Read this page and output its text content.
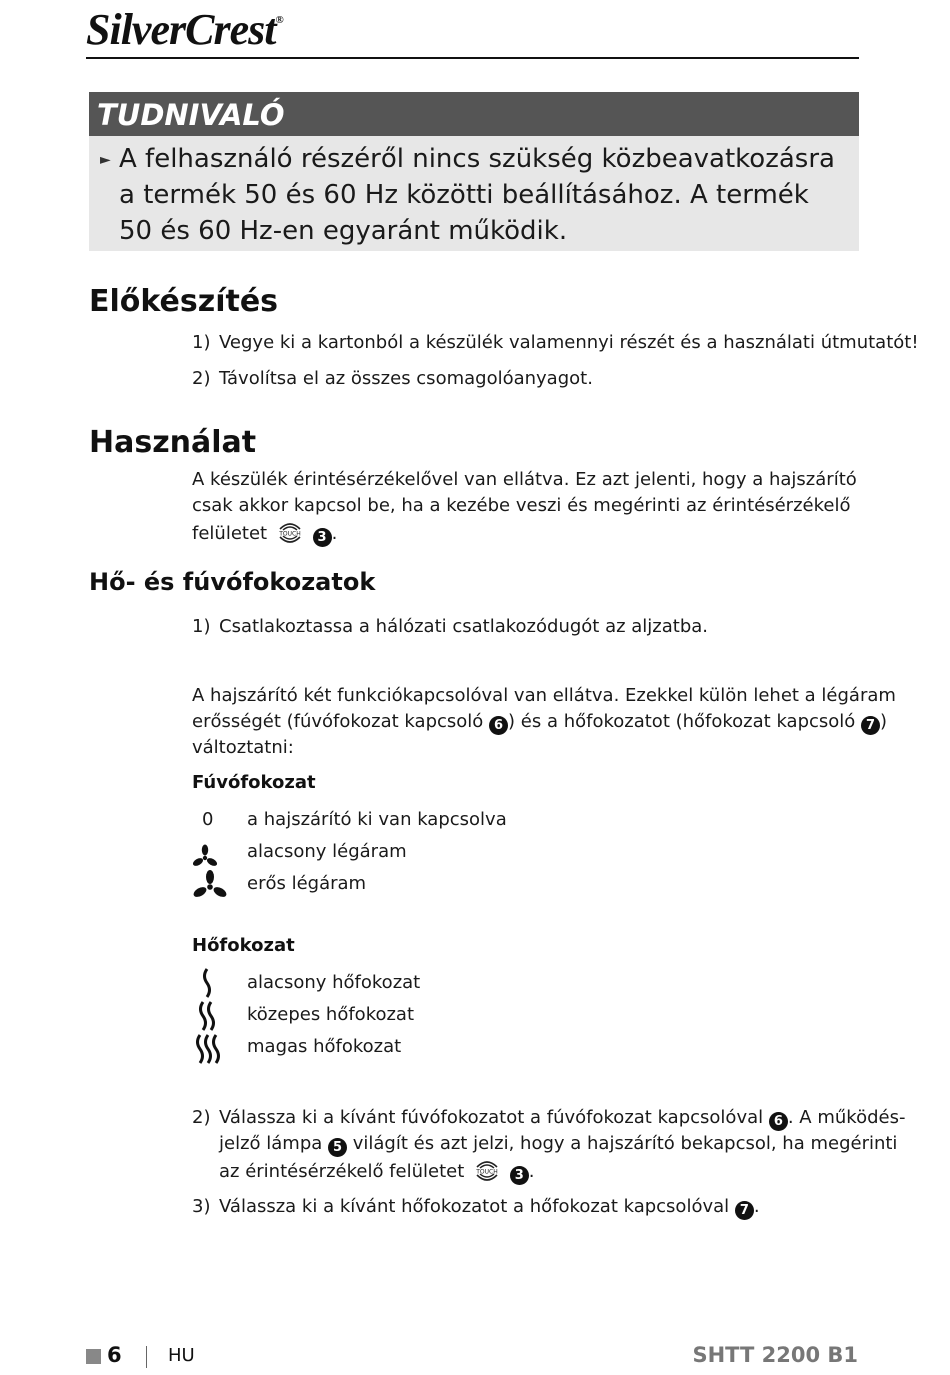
SilverCrest®
TUDNIVALÓ
► A felhasználó részéről nincs szükség közbeavatkozásra a termék 50 és 60 Hz közötti beállításához. A termék 50 és 60 Hz-en egyaránt működik.
Előkészítés
1) Vegye ki a kartonból a készülék valamennyi részét és a használati útmutatót!
2) Távolítsa el az összes csomagolóanyagot.
Használat
A készülék érintésérzékelővel van ellátva. Ez azt jelenti, hogy a hajszárító
csak akkor kapcsol be, ha a kezébe veszi és megérinti az érintésérzékelő
felületet TOUCH 3 .
Hő- és fúvófokozatok
1) Csatlakoztassa a hálózati csatlakozódugót az aljzatba.
A hajszárító két funkciókapcsolóval van ellátva. Ezekkel külön lehet a légáram
erősségét (fúvófokozat kapcsoló 6 ) és a hőfokozatot (hőfokozat kapcsoló 7 )
változtatni:
Fúvófokozat
0 a hajszárító ki van kapcsolva
alacsony légáram
erős légáram
Hőfokozat
alacsony hőfokozat
közepes hőfokozat
magas hőfokozat
2) Válassza ki a kívánt fúvófokozatot a fúvófokozat kapcsolóval 6 . A működés-
jelző lámpa 5 világít és azt jelzi, hogy a hajszárító bekapcsol, ha megérinti
az érintésérzékelő felületet TOUCH 3 .
3) Válassza ki a kívánt hőfokozatot a hőfokozat kapcsolóval 7 .
6	HU	SHTT 2200 B1
